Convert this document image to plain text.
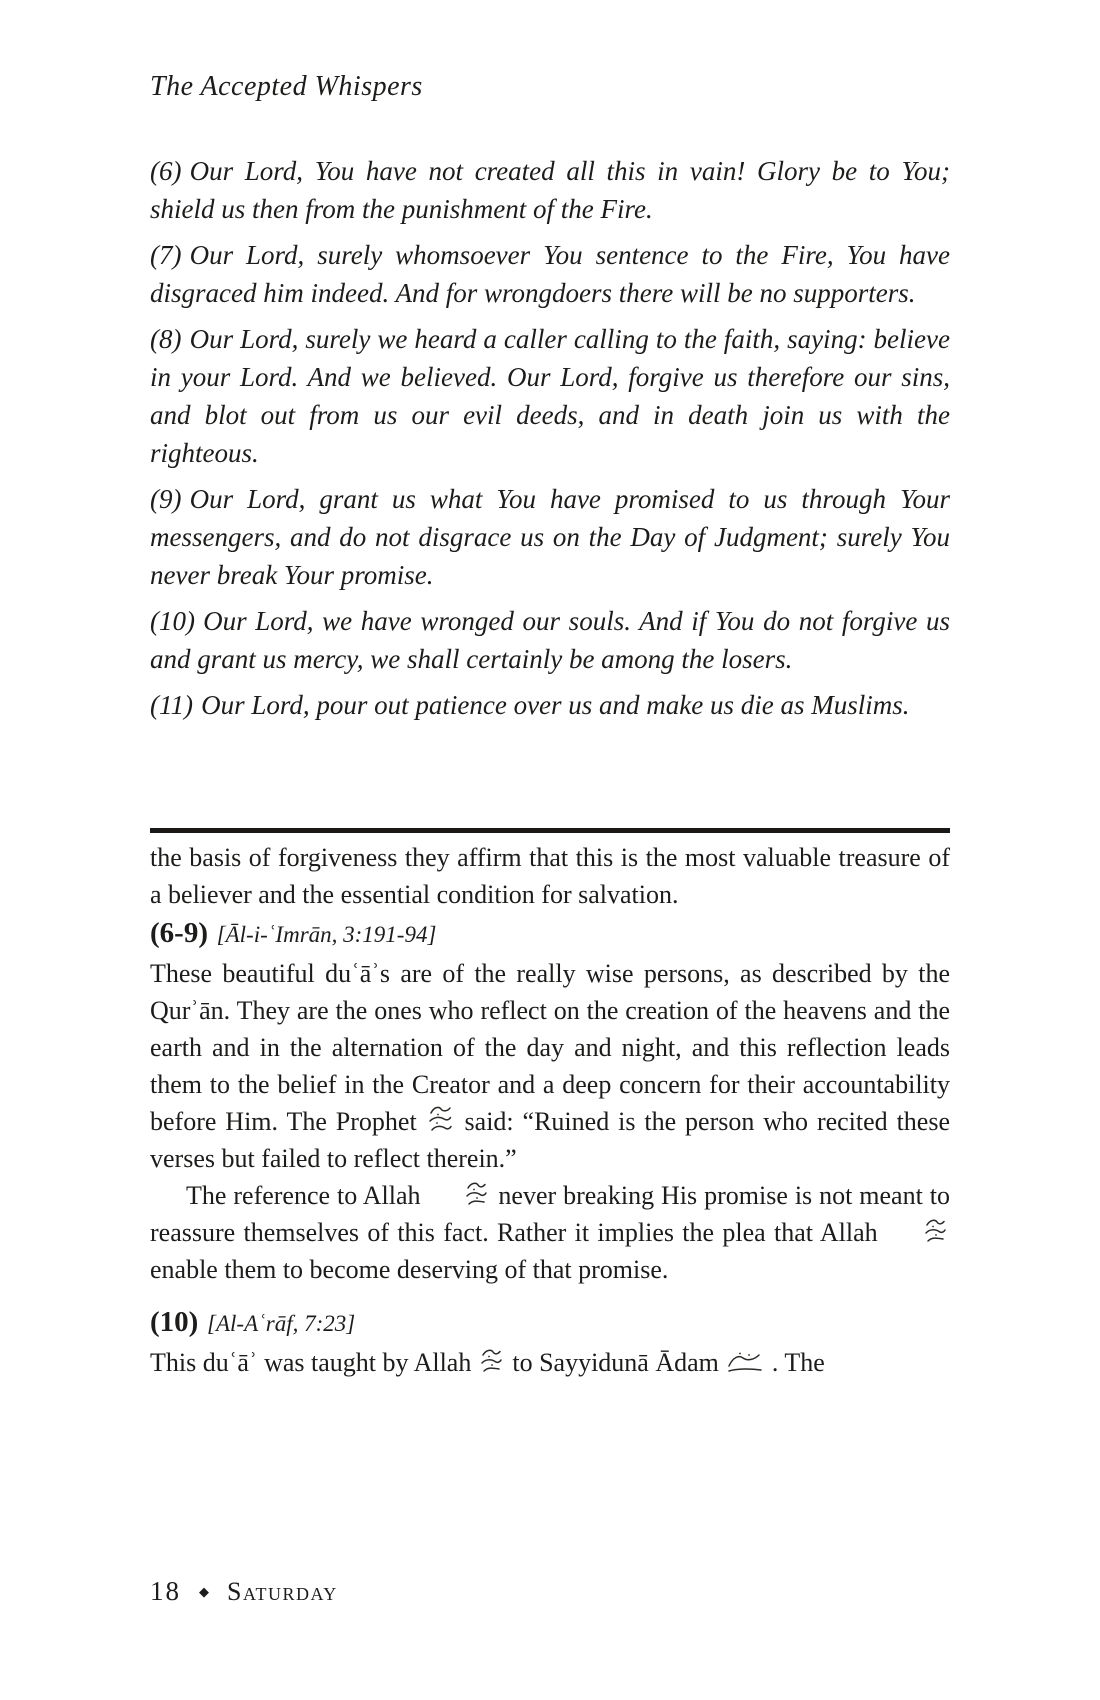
The Accepted Whispers

(6) Our Lord, You have not created all this in vain! Glory be to You; shield us then from the punishment of the Fire.

(7) Our Lord, surely whomsoever You sentence to the Fire, You have disgraced him indeed. And for wrongdoers there will be no supporters.

(8) Our Lord, surely we heard a caller calling to the faith, saying: believe in your Lord. And we believed. Our Lord, forgive us therefore our sins, and blot out from us our evil deeds, and in death join us with the righteous.

(9) Our Lord, grant us what You have promised to us through Your messengers, and do not disgrace us on the Day of Judgment; surely You never break Your promise.

(10) Our Lord, we have wronged our souls. And if You do not forgive us and grant us mercy, we shall certainly be among the losers.

(11) Our Lord, pour out patience over us and make us die as Muslims.

the basis of forgiveness they affirm that this is the most valuable treasure of a believer and the essential condition for salvation.

(6-9) [Āl-i-ʿImrān, 3:191-94]

These beautiful duʿāʾs are of the really wise persons, as described by the Qurʾān. They are the ones who reflect on the creation of the heavens and the earth and in the alternation of the day and night, and this reflection leads them to the belief in the Creator and a deep concern for their accountability before Him. The Prophet  said: “Ruined is the person who recited these verses but failed to reflect therein.”

The reference to Allah	never breaking His promise is not meant to reassure themselves of this fact. Rather it implies the plea that Allah  enable them to become deserving of that promise.

(10) [Al-Aʿrāf, 7:23]

This duʿāʾ was taught by Allah  to Sayyidunā Ādam  . The

18 ◆ Saturday
